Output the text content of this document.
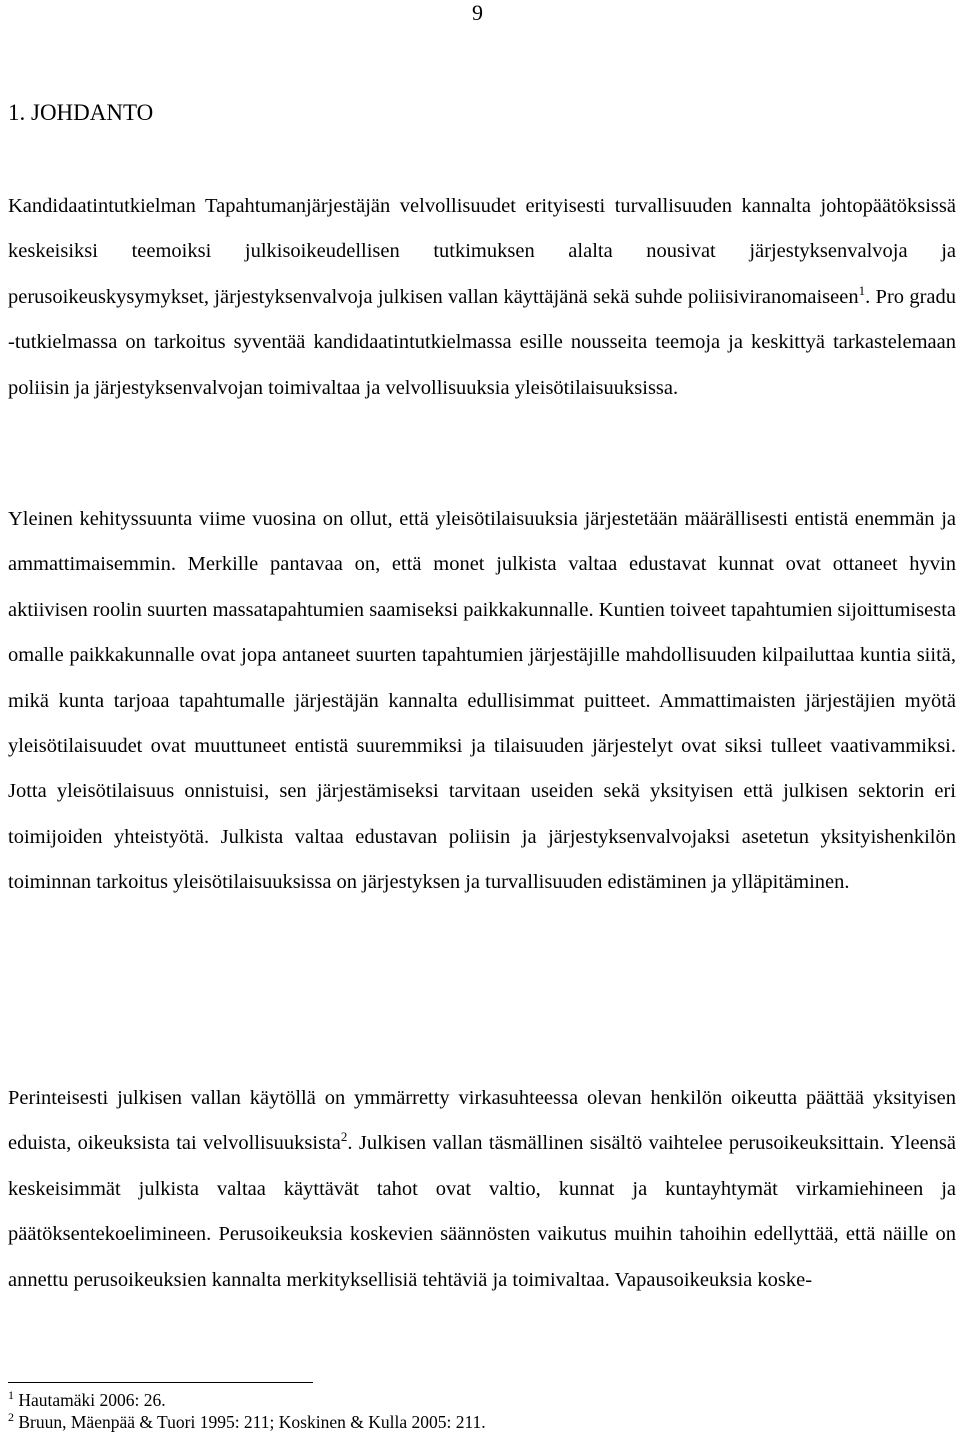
9
1. JOHDANTO

Kandidaatintutkielman Tapahtumanjärjestäjän velvollisuudet erityisesti turvallisuuden kannalta johtopäätöksissä keskeisiksi teemoiksi julkisoikeudellisen tutkimuksen alalta nousivat järjestyksenvalvoja ja perusoikeuskysymykset, järjestyksenvalvoja julkisen vallan käyttäjänä sekä suhde poliisiviranomaiseen$^1$. Pro gradu -tutkielmassa on tarkoitus syventää kandidaatintutkielmassa esille nousseita teemoja ja keskittyä tarkastelemaan poliisin ja järjestyksenvalvojan toimivaltaa ja velvollisuuksia yleisötilaisuuksissa.

Yleinen kehityssuunta viime vuosina on ollut, että yleisötilaisuuksia järjestetään määrällisesti entistä enemmän ja ammattimaisemmin. Merkille pantavaa on, että monet julkista valtaa edustavat kunnat ovat ottaneet hyvin aktiivisen roolin suurten massatapahtumien saamiseksi paikkakunnalle. Kuntien toiveet tapahtumien sijoittumisesta omalle paikkakunnalle ovat jopa antaneet suurten tapahtumien järjestäjille mahdollisuuden kilpailuttaa kuntia siitä, mikä kunta tarjoaa tapahtumalle järjestäjän kannalta edullisimmat puitteet. Ammattimaisten järjestäjien myötä yleisötilaisuudet ovat muuttuneet entistä suuremmiksi ja tilaisuuden järjestelyt ovat siksi tulleet vaativammiksi. Jotta yleisötilaisuus onnistuisi, sen järjestämiseksi tarvitaan useiden sekä yksityisen että julkisen sektorin eri toimijoiden yhteistyötä. Julkista valtaa edustavan poliisin ja järjestyksenvalvojaksi asetetun yksityishenkilön toiminnan tarkoitus yleisötilaisuuksissa on järjestyksen ja turvallisuuden edistäminen ja ylläpitäminen.

Perinteisesti julkisen vallan käytöllä on ymmärretty virkasuhteessa olevan henkilön oikeutta päättää yksityisen eduista, oikeuksista tai velvollisuuksista$^2$. Julkisen vallan täsmällinen sisältö vaihtelee perusoikeuksittain. Yleensä keskeisimmät julkista valtaa käyttävät tahot ovat valtio, kunnat ja kuntayhtymät virkamiehineen ja päätöksentekoelimineen. Perusoikeuksia koskevien säännösten vaikutus muihin tahoihin edellyttää, että näille on annettu perusoikeuksien kannalta merkityksellisiä tehtäviä ja toimivaltaa. Vapausoikeuksia koske-

$^1$ Hautamäki 2006: 26.
$^2$ Bruun, Mäenpää & Tuori 1995: 211; Koskinen & Kulla 2005: 211.
